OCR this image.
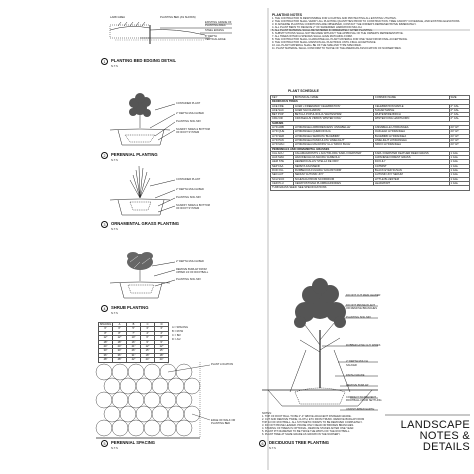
LAWN AREA	PLANTING BED (AS SHOWN)
EXISTING GRADE OF
PLANTING AREA
STEEL EDGING
8" DEPTH
VERTICAL EDGE
1	PLANTING BED EDGING DETAIL
N.T.S
CONTAINER PLANT
2" DEPTH MULCH BED
PLANTING SOIL MIX
SCARIFY SIDES & BOTTOM
OF ROOT SYSTEM
2	PERENNIAL PLANTING
N.T.S
CONTAINER PLANT
2" DEPTH MULCH BED
PLANTING SOIL MIX
SCARIFY SIDES & BOTTOM
OF ROOT SYSTEM
3	ORNAMENTAL GRASS PLANTING
N.T.S
2" DEPTH MULCH BED
REMOVE BURLAP FROM
UPPER 1/3 OF ROOTBALL
PLANTING SOIL MIX
4	SHRUB PLANTING
N.T.S
SPACING	A	B	C	D
6"	6"	5"	3"	3"
8"	8"	7"	4"	4"
12"	12"	10"	6"	6"
18"	18"	16"	9"	9"
24"	24"	21"	12"	12"
30"	30"	26"	15"	15"
36"	36"	31"	18"	18"
48"	48"	42"	24"	24"
A = SPACING
B = ROW
C = B/2
D = A/2
PLANT LOCATION
EDGE OF WALK OR
PLANTING BED
5	PERENNIAL SPACING
N.T.S
DO NOT CUT MAIN LEADER
DO NOT PRUNE PLANT
OR REMOVE BRANCHES
PLANTING SOIL MIX
RUBBER HOSE GUY WIRES
2" DEPTH MULCH
SAUCER
FINISH GRADE
REMOVE BURLAP
COMPACT TO PREVENT
ROOTBALL FROM SETTLING
UNDISTURBED EARTH
NOTES:
1. TOP OF ROOT BALL TO BE 2"-3" ABOVE ADJACENT FINISHED GRADE.
2. CUT AND REMOVE TWINE, CLOTH, ETC FROM TRUNK. REMOVE BURLAP FROM
TOP 1/3 OF ROOTBALL. ALL SYNTHETIC WRAPS TO BE REMOVED COMPLETELY.
3. DO NOT PRUNE LEADER. PRUNE ONLY DEAD OR BROKEN BRANCHES.
4. STAKING OF TREES IS OPTIONAL, REMOVE STAKES AFTER ONE YEAR.
5. PLANT PIT DIAMETER TO BE TWICE THE WIDTH OF THE ROOTBALL.
6. PLANT TREE AT SAME GRADE AS GROWN IN THE NURSERY.
6	DECIDUOUS TREE PLANTING
N.T.S
PLANTING NOTES
1. THE CONTRACTOR IS RESPONSIBLE FOR LOCATING AND PROTECTING ALL EXISTING UTILITIES.
2. THE CONTRACTOR SHALL VERIFY ALL PLANTING QUANTITIES PRIOR TO CONSTRUCTION. TREE CANOPY COVERAGE, AND EXISTING ELEVATIONS.
3. IF ADVERSE PLANTING CONDITIONS ARE OBSERVED, CONTACT THE OWNER'S REPRESENTATIVE IMMEDIATELY.
4. ALL PLANT BEDS TO RECEIVE 2" OF SHREDDED HARDWOOD MULCH.
5. ALL PLANT MATERIAL SHALL BE WATERED IN IMMEDIATELY AFTER PLANTING.
6. SUBSTITUTIONS SHALL NOT BE MADE WITHOUT THE APPROVAL OF THE OWNER'S REPRESENTATIVE.
7. ALL TREES WITHIN A SPECIES SHALL HAVE MATCHING FORM.
8. THE CONTRACTOR SHALL GUARANTEE ALL PLANT MATERIAL FOR ONE YEAR FROM FINAL ACCEPTANCE.
9. THE CONTRACTOR SHALL MAINTAIN ALL PLANTINGS UNTIL FINAL ACCEPTANCE.
10. ALL PLANT MATERIAL SHALL BE OF THE SIZE AND TYPE SPECIFIED.
11. PLANT MATERIAL SHALL CONFORM TO THOSE OF THE AMERICAN ASSOCIATION OF NURSERYMEN.
PLANT SCHEDULE
KEY	BOTANICAL NAME	COMMON NAME	SIZE
DECIDUOUS TREES			
ACE FRE	ACER x FREEMANII 'CELEBRATION'	CELEBRATION MAPLE	2" CAL
ACE SAC	ACER SACCHARUM	SUGAR MAPLE	2" CAL
BET POP	BETULA POPULIFOLIA 'WHITESPIRE'	WHITESPIRE BIRCH	2" CAL
CRA VIR	CRATAEGUS VIRIDIS 'WINTER KING'	WINTER KING HAWTHORN	2" CAL
SHRUBS			
HYD ARB	HYDRANGEA ARBORESCENS 'ANNABELLE'	ANNABELLE HYDRANGEA	24" HT
HYD QUE	HYDRANGEA QUERCIFOLIA	OAKLEAF HYDRANGEA	24" HT
HYD SER	HYDRANGEA SERRATA 'BLUEBIRD'	BLUEBIRD HYDRANGEA	24" HT
HYD PAN	HYDRANGEA PANICULATA 'LIMELIGHT'	LIMELIGHT HYDRANGEA	24" HT
HYD MAC	HYDRANGEA MACROPHYLLA 'NIKKO BLUE'	NIKKO HYDRANGEA	24" HT
PERENNIALS AND ORNAMENTAL GRASSES			
CAL ACU	CALAMAGROSTIS x ACUTIFLORA 'KARL FOERSTER'	KARL FOERSTER FEATHER REED GRASS	1 GAL
HAK MAC	HAKONECHLOA MACRA 'AUREOLA'	JAPANESE FOREST GRASS	1 GAL
HEM STE	HEMEROCALLIS 'STELLA DE ORO'	DAYLILY	1 GAL
NEP FAA	NEPETA FAASSENII	CATMINT	1 GAL
RUD FUL	RUDBECKIA FULGIDA 'GOLDSTURM'	BLACK EYED SUSAN	1 GAL
SED AUT	SEDUM 'AUTUMN JOY'	AUTUMN JOY SEDUM	1 GAL
SCH SCO	SCHIZACHYRIUM SCOPARIUM	LITTLE BLUESTEM	1 GAL
CER PLU	CERATOSTIGMA PLUMBAGINOIDES	LEADWORT	1 GAL
TURFGRASS SEED: SEE SPECIFICATIONS			
LANDSCAPE
NOTES & DETAILS
